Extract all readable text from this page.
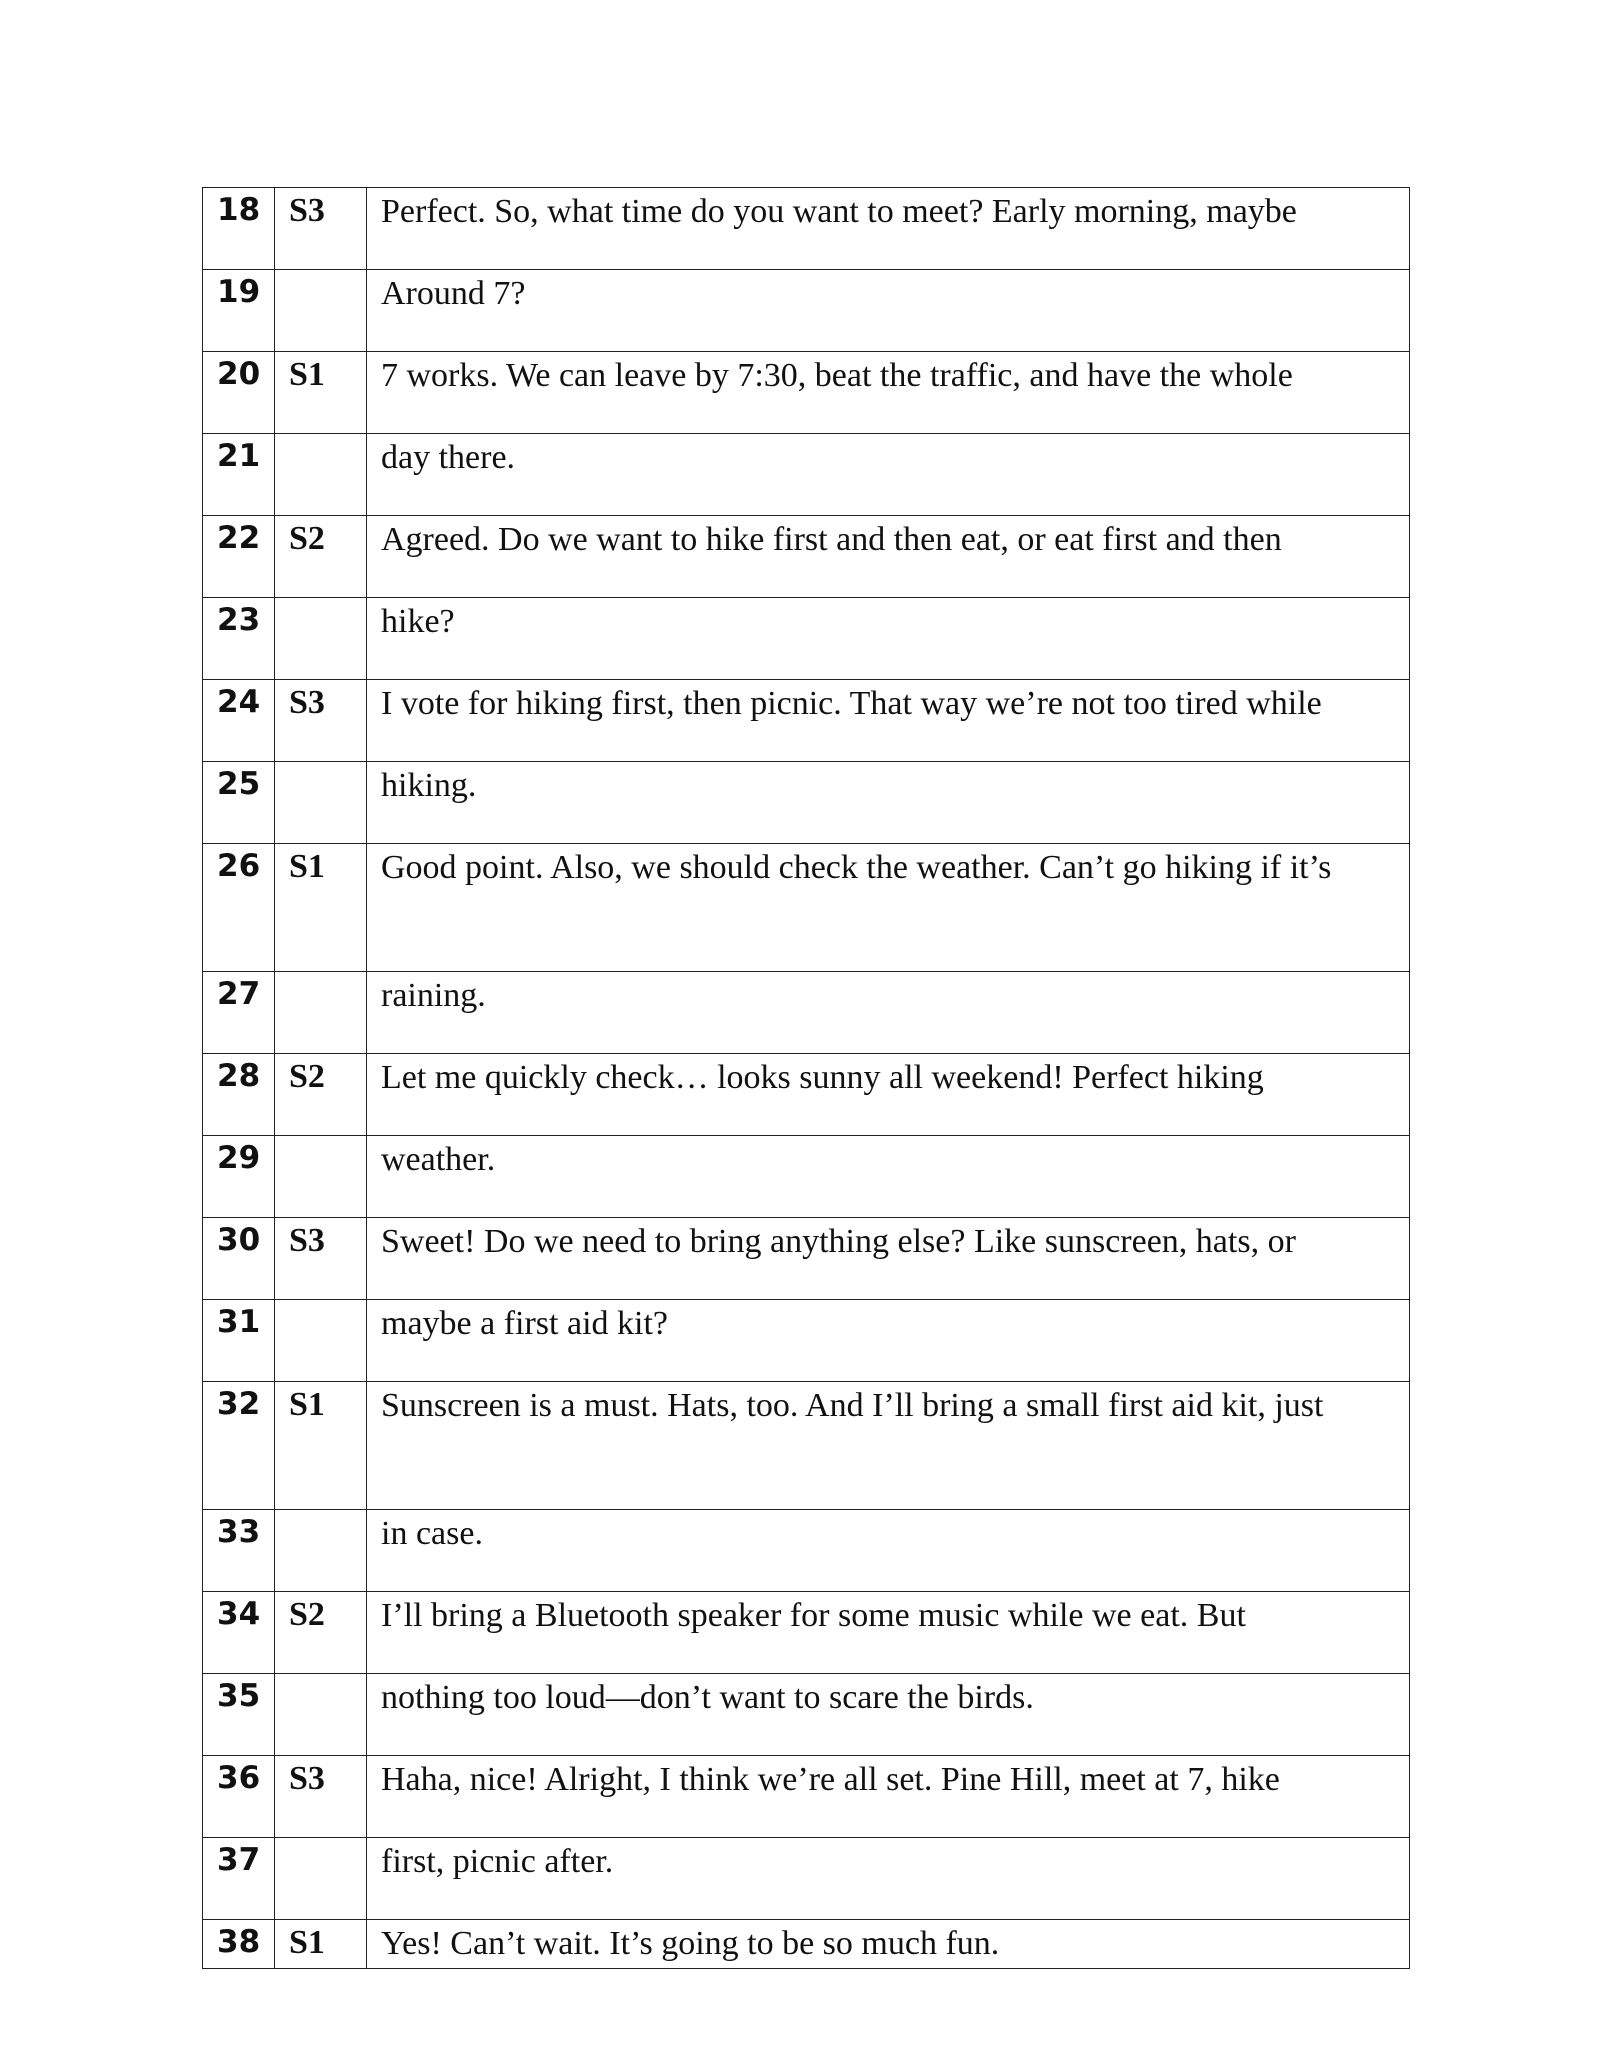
18	S3	Perfect. So, what time do you want to meet? Early morning, maybe
19		Around 7?
20	S1	7 works. We can leave by 7:30, beat the traffic, and have the whole
21		day there.
22	S2	Agreed. Do we want to hike first and then eat, or eat first and then
23		hike?
24	S3	I vote for hiking first, then picnic. That way we’re not too tired while
25		hiking.
26	S1	Good point. Also, we should check the weather. Can’t go hiking if it’s
27		raining.
28	S2	Let me quickly check… looks sunny all weekend! Perfect hiking
29		weather.
30	S3	Sweet! Do we need to bring anything else? Like sunscreen, hats, or
31		maybe a first aid kit?
32	S1	Sunscreen is a must. Hats, too. And I’ll bring a small first aid kit, just
33		in case.
34	S2	I’ll bring a Bluetooth speaker for some music while we eat. But
35		nothing too loud—don’t want to scare the birds.
36	S3	Haha, nice! Alright, I think we’re all set. Pine Hill, meet at 7, hike
37		first, picnic after.
38	S1	Yes! Can’t wait. It’s going to be so much fun.
